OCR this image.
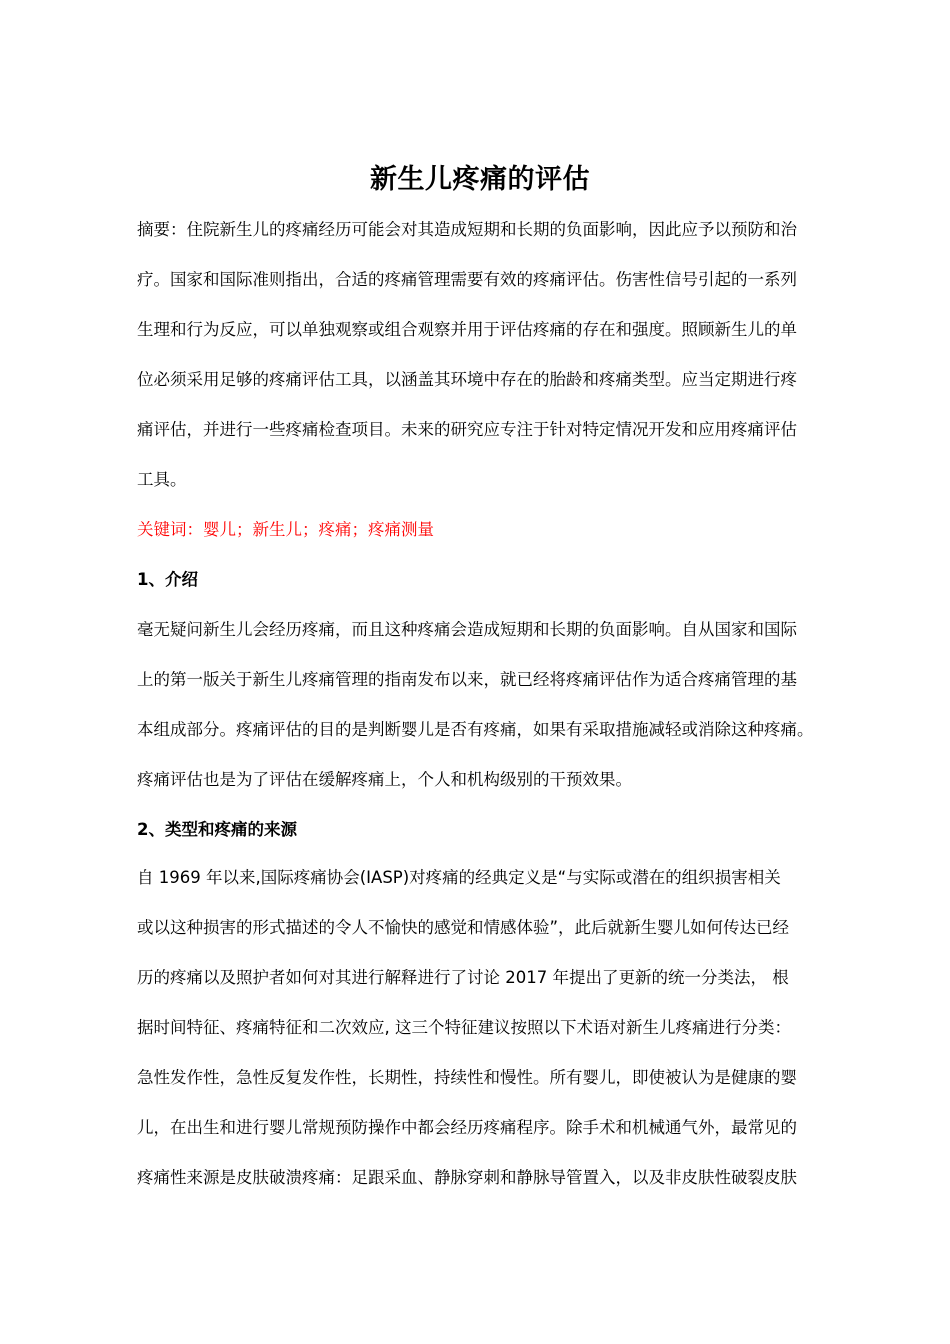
新生儿疼痛的评估
摘要：住院新生儿的疼痛经历可能会对其造成短期和长期的负面影响，因此应予以预防和治
疗。国家和国际准则指出，合适的疼痛管理需要有效的疼痛评估。伤害性信号引起的一系列
生理和行为反应，可以单独观察或组合观察并用于评估疼痛的存在和强度。照顾新生儿的单
位必须采用足够的疼痛评估工具，以涵盖其环境中存在的胎龄和疼痛类型。应当定期进行疼
痛评估，并进行一些疼痛检查项目。未来的研究应专注于针对特定情况开发和应用疼痛评估
工具。
关键词：婴儿；新生儿；疼痛；疼痛测量
1、介绍
毫无疑问新生儿会经历疼痛，而且这种疼痛会造成短期和长期的负面影响。自从国家和国际
上的第一版关于新生儿疼痛管理的指南发布以来，就已经将疼痛评估作为适合疼痛管理的基
本组成部分。疼痛评估的目的是判断婴儿是否有疼痛，如果有采取措施减轻或消除这种疼痛。
疼痛评估也是为了评估在缓解疼痛上，个人和机构级别的干预效果。
2、类型和疼痛的来源
自 1969 年以来,国际疼痛协会(IASP)对疼痛的经典定义是“与实际或潜在的组织损害相关
或以这种损害的形式描述的令人不愉快的感觉和情感体验”，此后就新生婴儿如何传达已经
历的疼痛以及照护者如何对其进行解释进行了讨论 2017 年提出了更新的统一分类法， 根
据时间特征、疼痛特征和二次效应, 这三个特征建议按照以下术语对新生儿疼痛进行分类：
急性发作性，急性反复发作性，长期性，持续性和慢性。所有婴儿，即使被认为是健康的婴
儿，在出生和进行婴儿常规预防操作中都会经历疼痛程序。除手术和机械通气外，最常见的
疼痛性来源是皮肤破溃疼痛：足跟采血、静脉穿刺和静脉导管置入，以及非皮肤性破裂皮肤
